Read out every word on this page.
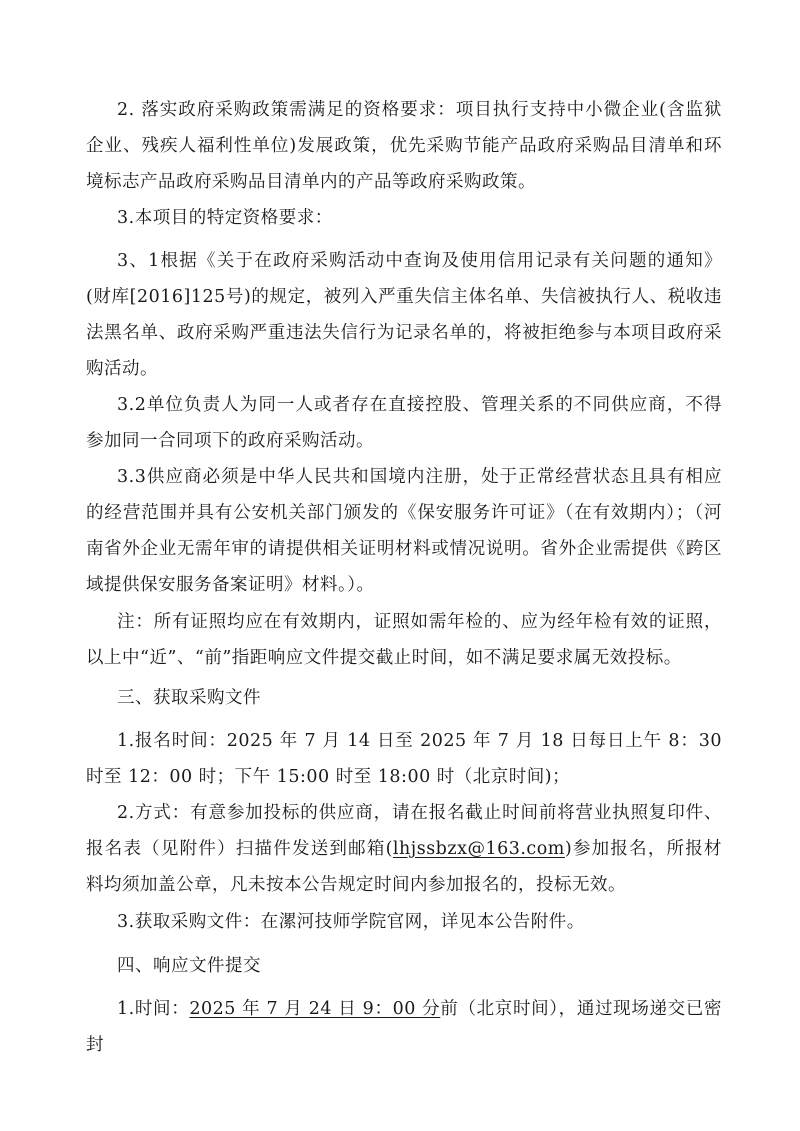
2. 落实政府采购政策需满足的资格要求：项目执行支持中小微企业(含监狱企业、残疾人福利性单位)发展政策，优先采购节能产品政府采购品目清单和环境标志产品政府采购品目清单内的产品等政府采购政策。

3.本项目的特定资格要求：

3、1根据《关于在政府采购活动中查询及使用信用记录有关问题的通知》(财库[2016]125号)的规定，被列入严重失信主体名单、失信被执行人、税收违法黑名单、政府采购严重违法失信行为记录名单的，将被拒绝参与本项目政府采购活动。

3.2单位负责人为同一人或者存在直接控股、管理关系的不同供应商，不得参加同一合同项下的政府采购活动。

3.3供应商必须是中华人民共和国境内注册，处于正常经营状态且具有相应的经营范围并具有公安机关部门颁发的《保安服务许可证》（在有效期内）；（河南省外企业无需年审的请提供相关证明材料或情况说明。省外企业需提供《跨区域提供保安服务备案证明》材料。）。

注：所有证照均应在有效期内，证照如需年检的、应为经年检有效的证照，以上中“近”、“前”指距响应文件提交截止时间，如不满足要求属无效投标。

三、获取采购文件

1.报名时间：2025 年 7 月 14 日至 2025 年 7 月 18 日每日上午 8：30 时至 12：00 时；下午 15:00 时至 18:00 时（北京时间)；

2.方式：有意参加投标的供应商，请在报名截止时间前将营业执照复印件、报名表（见附件）扫描件发送到邮箱(lhjssbzx@163.com)参加报名，所报材料均须加盖公章，凡未按本公告规定时间内参加报名的，投标无效。

3.获取采购文件：在漯河技师学院官网，详见本公告附件。

四、响应文件提交

1.时间：2025 年 7 月 24 日 9：00 分前（北京时间），通过现场递交已密封
